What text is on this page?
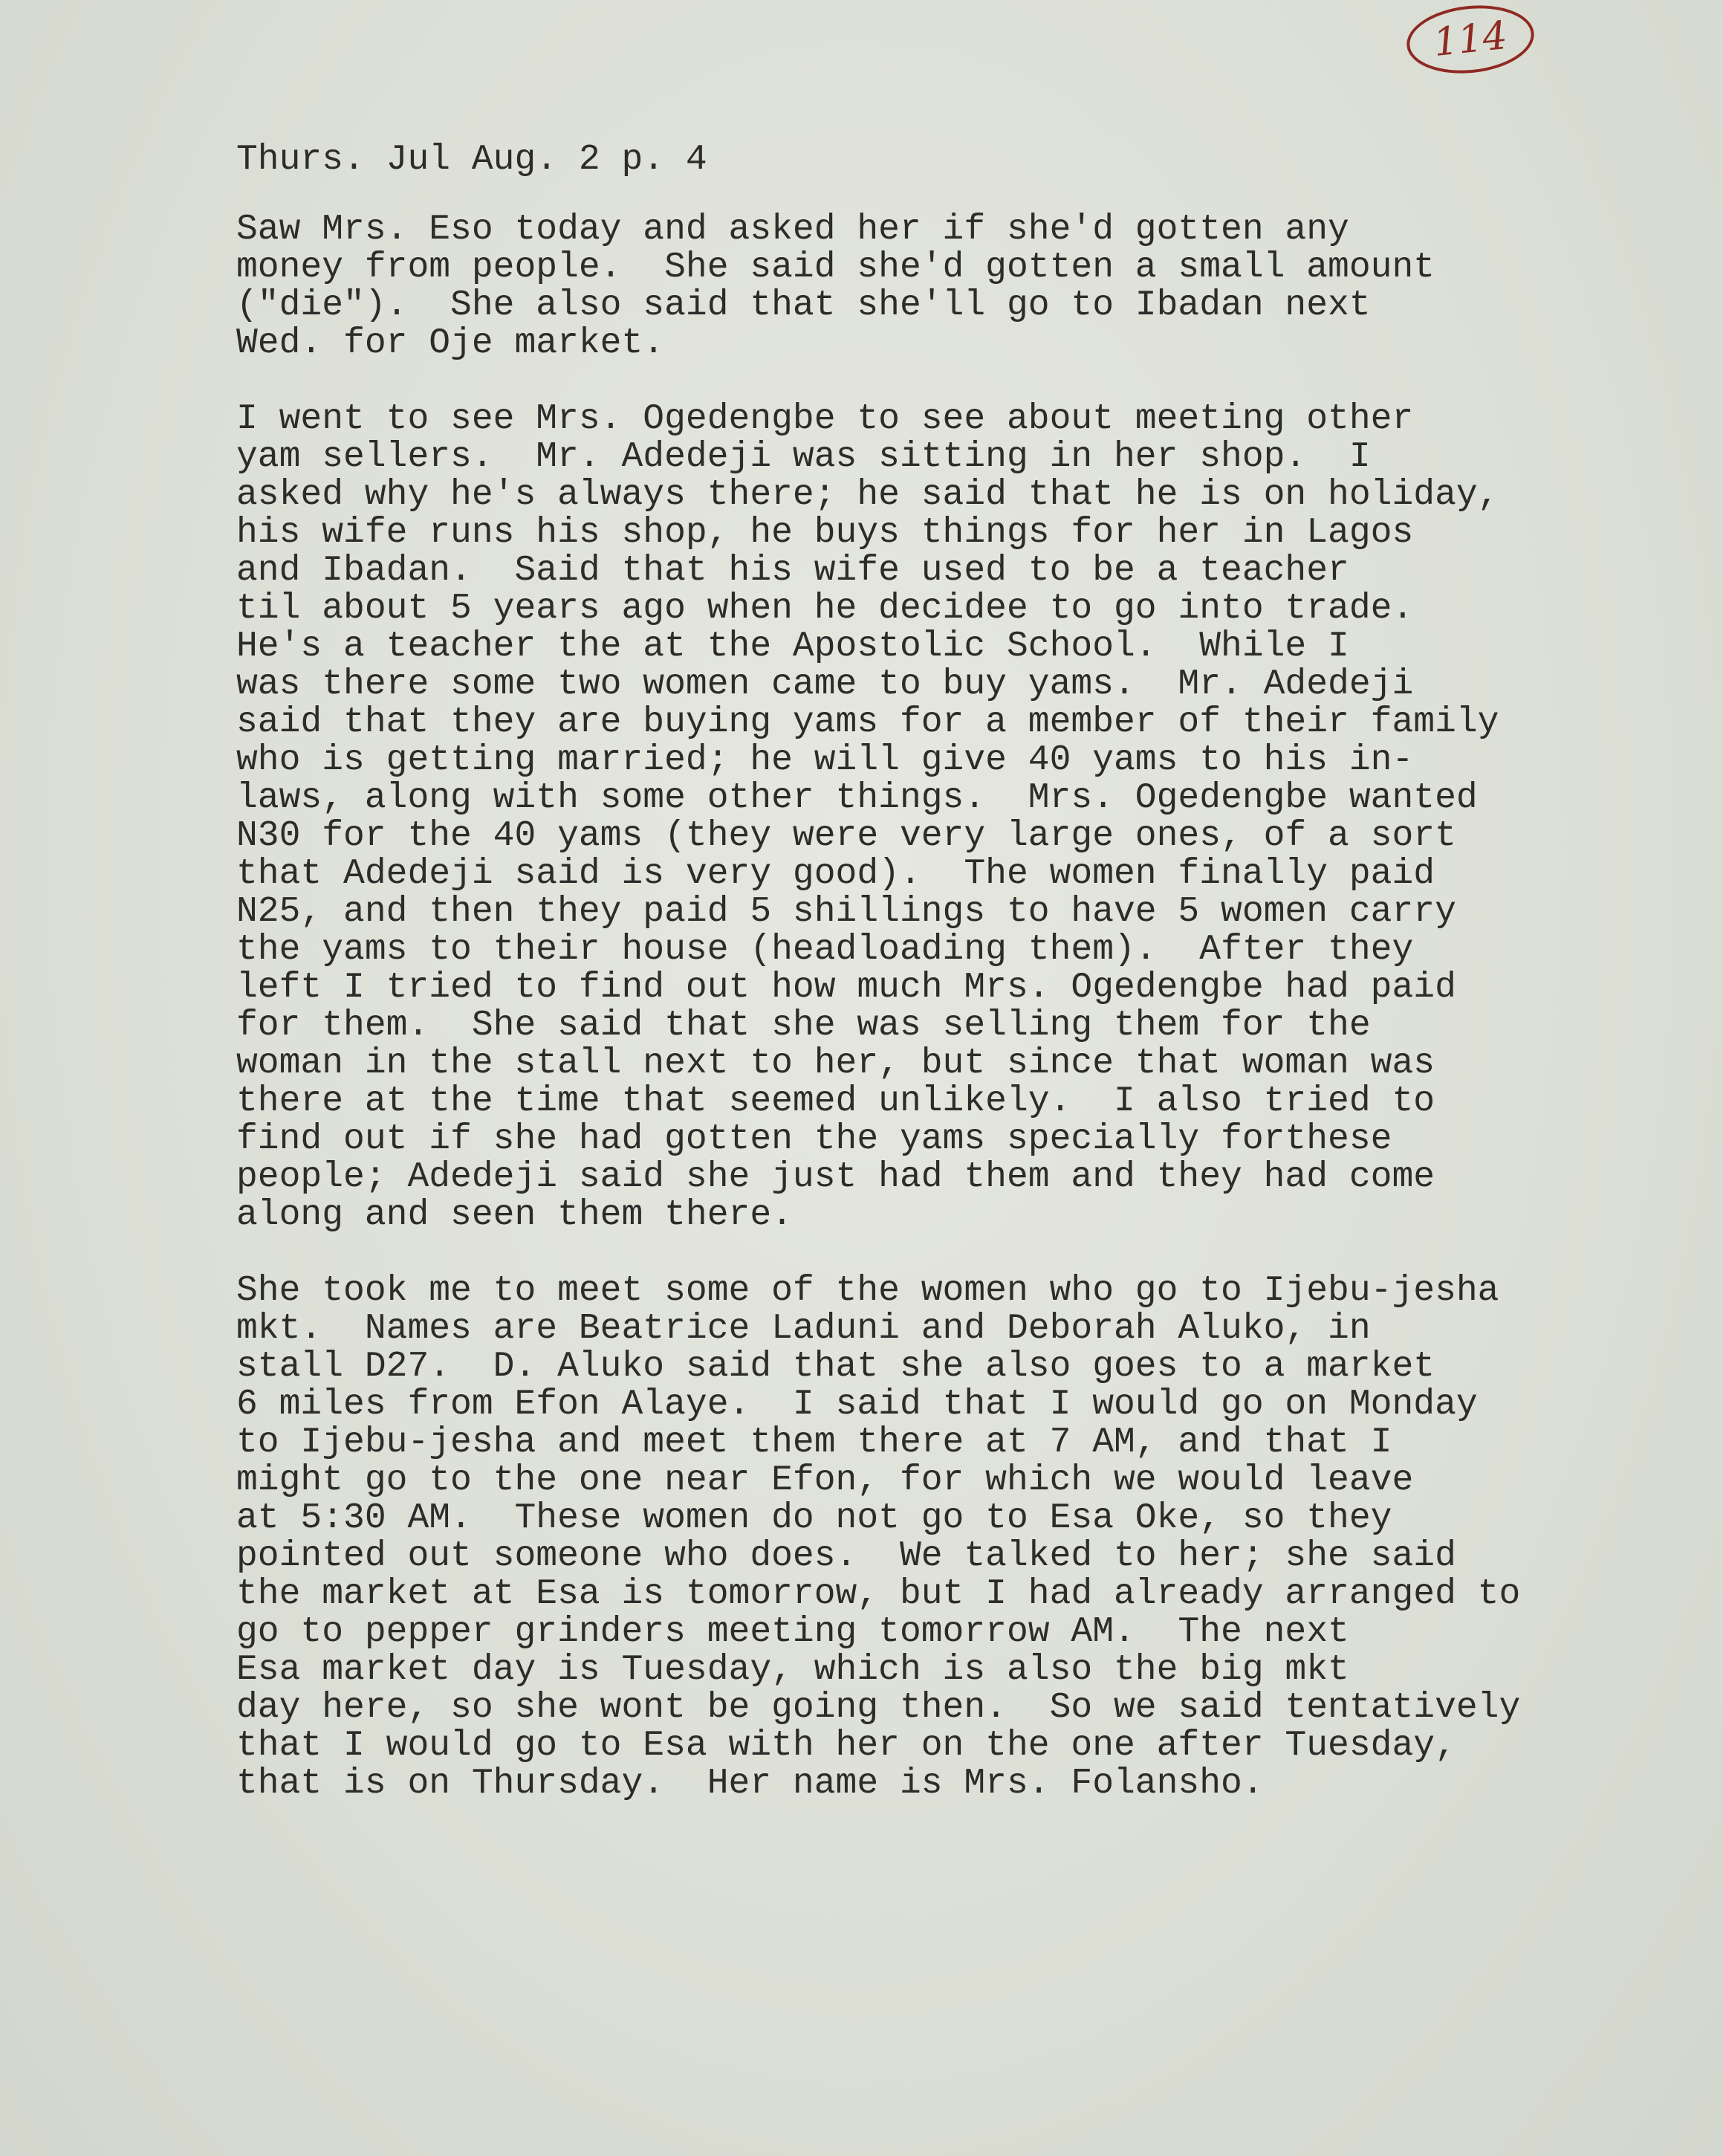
114
Thurs. Jul Aug. 2 p. 4
Saw Mrs. Eso today and asked her if she'd gotten any
money from people.  She said she'd gotten a small amount
("die").  She also said that she'll go to Ibadan next
Wed. for Oje market.
I went to see Mrs. Ogedengbe to see about meeting other
yam sellers.  Mr. Adedeji was sitting in her shop.  I
asked why he's always there; he said that he is on holiday,
his wife runs his shop, he buys things for her in Lagos
and Ibadan.  Said that his wife used to be a teacher
til about 5 years ago when he decidee to go into trade.
He's a teacher the at the Apostolic School.  While I
was there some two women came to buy yams.  Mr. Adedeji
said that they are buying yams for a member of their family
who is getting married; he will give 40 yams to his in-
laws, along with some other things.  Mrs. Ogedengbe wanted
N30 for the 40 yams (they were very large ones, of a sort
that Adedeji said is very good).  The women finally paid
N25, and then they paid 5 shillings to have 5 women carry
the yams to their house (headloading them).  After they
left I tried to find out how much Mrs. Ogedengbe had paid
for them.  She said that she was selling them for the
woman in the stall next to her, but since that woman was
there at the time that seemed unlikely.  I also tried to
find out if she had gotten the yams specially forthese
people; Adedeji said she just had them and they had come
along and seen them there.
She took me to meet some of the women who go to Ijebu-jesha
mkt.  Names are Beatrice Laduni and Deborah Aluko, in
stall D27.  D. Aluko said that she also goes to a market
6 miles from Efon Alaye.  I said that I would go on Monday
to Ijebu-jesha and meet them there at 7 AM, and that I
might go to the one near Efon, for which we would leave
at 5:30 AM.  These women do not go to Esa Oke, so they
pointed out someone who does.  We talked to her; she said
the market at Esa is tomorrow, but I had already arranged to
go to pepper grinders meeting tomorrow AM.  The next
Esa market day is Tuesday, which is also the big mkt
day here, so she wont be going then.  So we said tentatively
that I would go to Esa with her on the one after Tuesday,
that is on Thursday.  Her name is Mrs. Folansho.
